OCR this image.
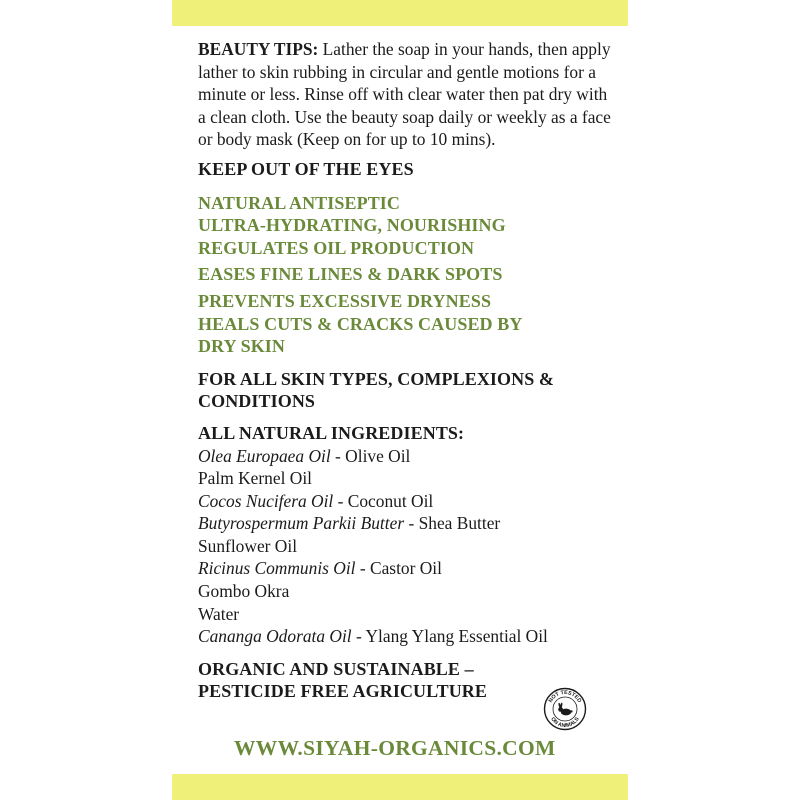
BEAUTY TIPS: Lather the soap in your hands, then apply lather to skin rubbing in circular and gentle motions for a minute or less. Rinse off with clear water then pat dry with a clean cloth. Use the beauty soap daily or weekly as a face or body mask (Keep on for up to 10 mins).

KEEP OUT OF THE EYES

NATURAL ANTISEPTIC

ULTRA-HYDRATING, NOURISHING

REGULATES OIL PRODUCTION

EASES FINE LINES & DARK SPOTS

PREVENTS EXCESSIVE DRYNESS

HEALS CUTS & CRACKS CAUSED BY DRY SKIN

FOR ALL SKIN TYPES, COMPLEXIONS & CONDITIONS

ALL NATURAL INGREDIENTS:

Olea Europaea Oil - Olive Oil

Palm Kernel Oil

Cocos Nucifera Oil - Coconut Oil

Butyrospermum Parkii Butter - Shea Butter

Sunflower Oil

Ricinus Communis Oil - Castor Oil

Gombo Okra

Water

Cananga Odorata Oil - Ylang Ylang Essential Oil

ORGANIC AND SUSTAINABLE –

PESTICIDE FREE AGRICULTURE	NOT TESTED
ON ANIMALS
WWW.SIYAH-ORGANICS.COM
